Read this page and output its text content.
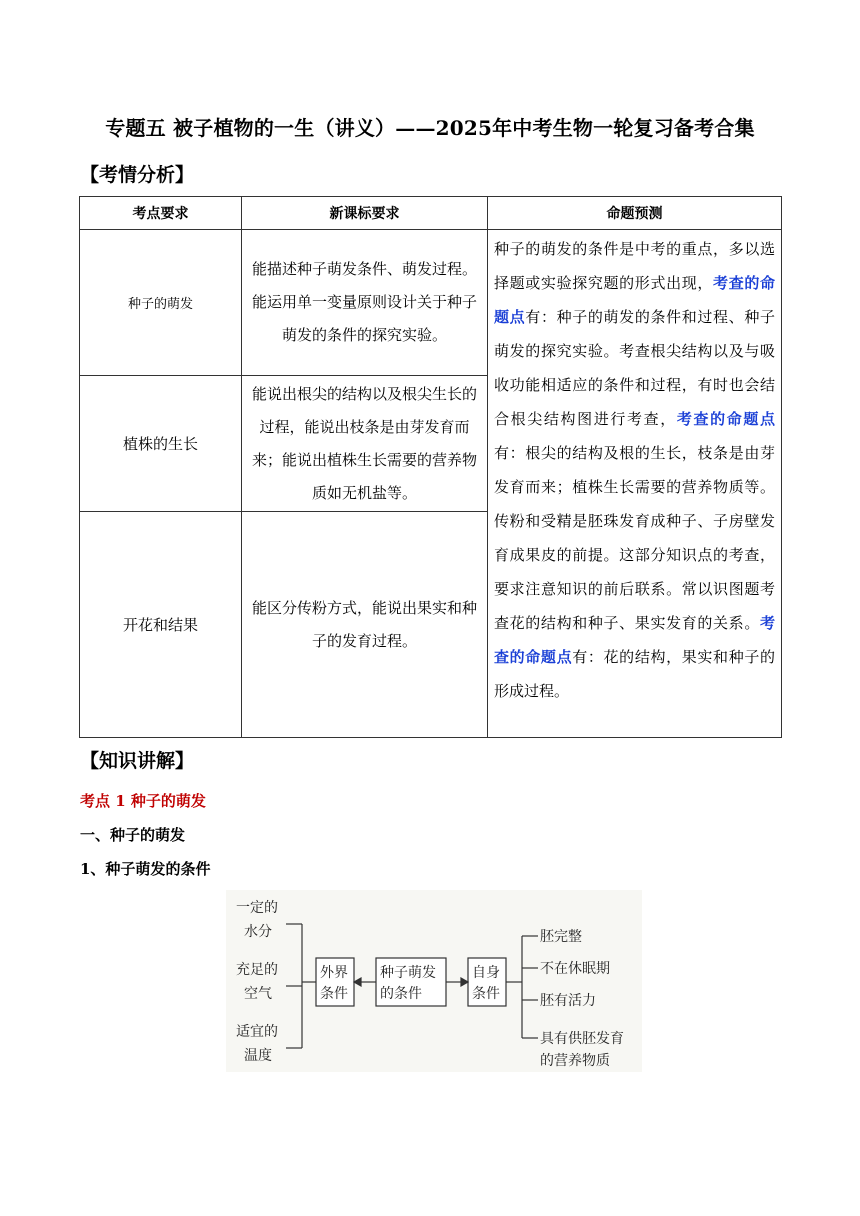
专题五 被子植物的一生（讲义）——2025年中考生物一轮复习备考合集
【考情分析】
考点要求	新课标要求	命题预测
种子的萌发	能描述种子萌发条件、萌发过程。能运用单一变量原则设计关于种子萌发的条件的探究实验。	种子的萌发的条件是中考的重点，多以选择题或实验探究题的形式出现，考查的命题点有：种子的萌发的条件和过程、种子萌发的探究实验。考查根尖结构以及与吸收功能相适应的条件和过程，有时也会结合根尖结构图进行考查，考查的命题点有：根尖的结构及根的生长，枝条是由芽发育而来；植株生长需要的营养物质等。传粉和受精是胚珠发育成种子、子房壁发育成果皮的前提。这部分知识点的考查，要求注意知识的前后联系。常以识图题考查花的结构和种子、果实发育的关系。考查的命题点有：花的结构，果实和种子的形成过程。
植株的生长	能说出根尖的结构以及根尖生长的过程，能说出枝条是由芽发育而来；能说出植株生长需要的营养物质如无机盐等。	
开花和结果	能区分传粉方式，能说出果实和种子的发育过程。	
【知识讲解】
考点 1 种子的萌发
一、种子的萌发
1、种子萌发的条件
一定的
水分
充足的
空气
适宜的
温度
外界
条件
种子萌发
的条件
自身
条件
胚完整
不在休眠期
胚有活力
具有供胚发育
的营养物质
